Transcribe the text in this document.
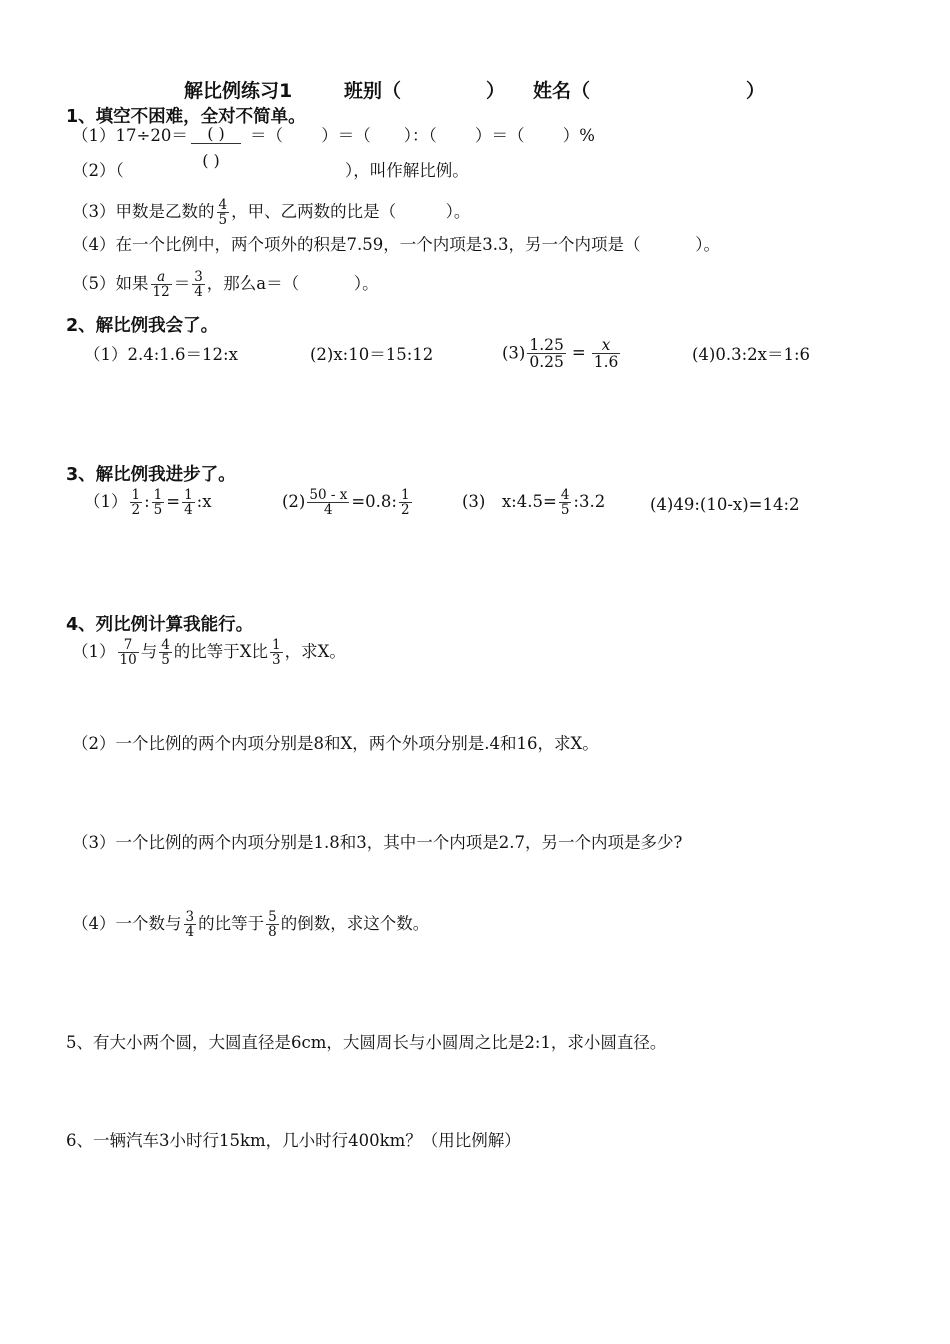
解比例练习1	班别（	） 姓名（	）
1、填空不困难，全对不简单。
（1）17÷20＝	( )
( )
＝（　　 ）＝（　　）：（　　 ）＝（　　 ）%
（2）（	），叫作解比例。
（3）甲数是乙数的 $\frac{4}{5}$ ，甲、乙两数的比是（　　　）。
（4）在一个比例中，两个项外的积是7.59，一个内项是3.3，另一个内项是（　　　 ）。
（5）如果 $\frac{a}{12} = \frac{3}{4}$ ，那么a＝（　　　 ）。
2、解比例我会了。
（1）2.4:1.6＝12:x	(2)x:10＝15:12	$(3) \frac{1.25}{0.25} = \frac{x}{1.6}$	(4)0.3:2x＝1:6
3、解比例我进步了。
$(1) \frac{1}{2}$ : $\frac{1}{5} = \frac{1}{4}$ :x	$(2) \frac{50 - x}{4} =0.8$: $\frac{1}{2}$	(3)　x:4.5= $\frac{4}{5}$ :3.2	(4)49:(10-x)=14:2
4、列比例计算我能行。
$(1) \frac{7}{10}$ 与 $\frac{4}{5}$ 的比等于X比 $\frac{1}{3}$ ，求X。
（2）一个比例的两个内项分别是8和X，两个外项分别是.4和16，求X。
（3）一个比例的两个内项分别是1.8和3，其中一个内项是2.7，另一个内项是多少?
（4）一个数与 $\frac{3}{4}$ 的比等于 $\frac{5}{8}$ 的倒数，求这个数。
5、有大小两个圆，大圆直径是6cm，大圆周长与小圆周之比是2:1，求小圆直径。
6、一辆汽车3小时行15km，几小时行400km？（用比例解）
